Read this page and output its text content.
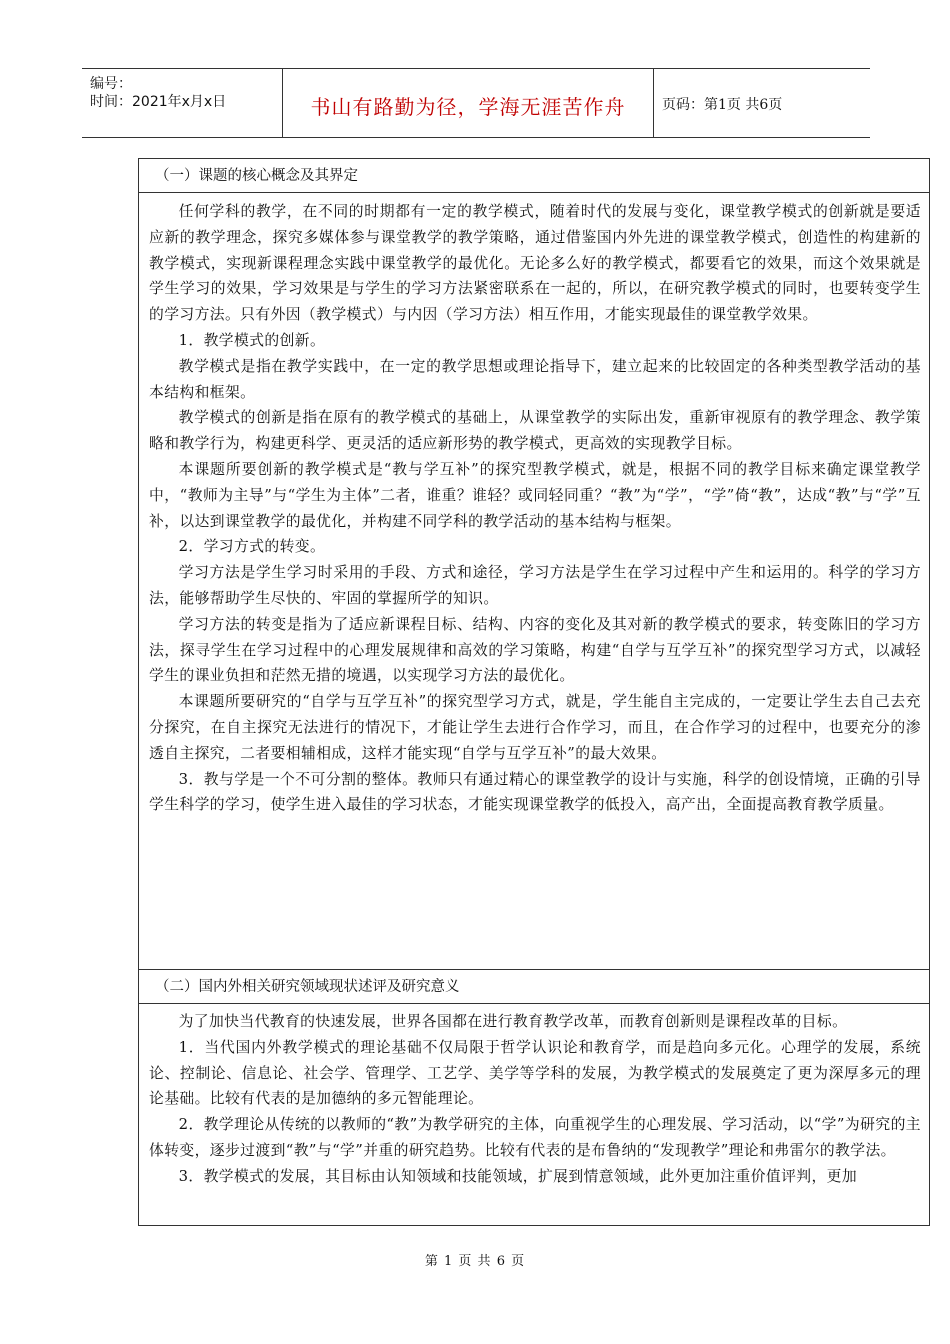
编号：
时间：2021年x月x日	书山有路勤为径，学海无涯苦作舟	页码：第1页 共6页
（一）课题的核心概念及其界定

任何学科的教学，在不同的时期都有一定的教学模式，随着时代的发展与变化，课堂教学模式的创新就是要适应新的教学理念，探究多媒体参与课堂教学的教学策略，通过借鉴国内外先进的课堂教学模式，创造性的构建新的教学模式，实现新课程理念实践中课堂教学的最优化。无论多么好的教学模式，都要看它的效果，而这个效果就是学生学习的效果，学习效果是与学生的学习方法紧密联系在一起的，所以，在研究教学模式的同时，也要转变学生的学习方法。只有外因（教学模式）与内因（学习方法）相互作用，才能实现最佳的课堂教学效果。

1．教学模式的创新。

教学模式是指在教学实践中，在一定的教学思想或理论指导下，建立起来的比较固定的各种类型教学活动的基本结构和框架。

教学模式的创新是指在原有的教学模式的基础上，从课堂教学的实际出发，重新审视原有的教学理念、教学策略和教学行为，构建更科学、更灵活的适应新形势的教学模式，更高效的实现教学目标。

本课题所要创新的教学模式是“教与学互补”的探究型教学模式，就是，根据不同的教学目标来确定课堂教学中，“教师为主导”与“学生为主体”二者，谁重？谁轻？或同轻同重？“教”为“学”，“学”倚“教”，达成“教”与“学”互补，以达到课堂教学的最优化，并构建不同学科的教学活动的基本结构与框架。

2．学习方式的转变。

学习方法是学生学习时采用的手段、方式和途径，学习方法是学生在学习过程中产生和运用的。科学的学习方法，能够帮助学生尽快的、牢固的掌握所学的知识。

学习方法的转变是指为了适应新课程目标、结构、内容的变化及其对新的教学模式的要求，转变陈旧的学习方法，探寻学生在学习过程中的心理发展规律和高效的学习策略，构建“自学与互学互补”的探究型学习方式，以减轻学生的课业负担和茫然无措的境遇，以实现学习方法的最优化。

本课题所要研究的“自学与互学互补”的探究型学习方式，就是，学生能自主完成的，一定要让学生去自己去充分探究，在自主探究无法进行的情况下，才能让学生去进行合作学习，而且，在合作学习的过程中，也要充分的渗透自主探究，二者要相辅相成，这样才能实现“自学与互学互补”的最大效果。

3．教与学是一个不可分割的整体。教师只有通过精心的课堂教学的设计与实施，科学的创设情境，正确的引导学生科学的学习，使学生进入最佳的学习状态，才能实现课堂教学的低投入，高产出，全面提高教育教学质量。

（二）国内外相关研究领域现状述评及研究意义

为了加快当代教育的快速发展，世界各国都在进行教育教学改革，而教育创新则是课程改革的目标。

1．当代国内外教学模式的理论基础不仅局限于哲学认识论和教育学，而是趋向多元化。心理学的发展，系统论、控制论、信息论、社会学、管理学、工艺学、美学等学科的发展，为教学模式的发展奠定了更为深厚多元的理论基础。比较有代表的是加德纳的多元智能理论。

2．教学理论从传统的以教师的“教”为教学研究的主体，向重视学生的心理发展、学习活动，以“学”为研究的主体转变，逐步过渡到“教”与“学”并重的研究趋势。比较有代表的是布鲁纳的“发现教学”理论和弗雷尔的教学法。

3．教学模式的发展，其目标由认知领域和技能领域，扩展到情意领域，此外更加注重价值评判，更加

第 1 页 共 6 页
